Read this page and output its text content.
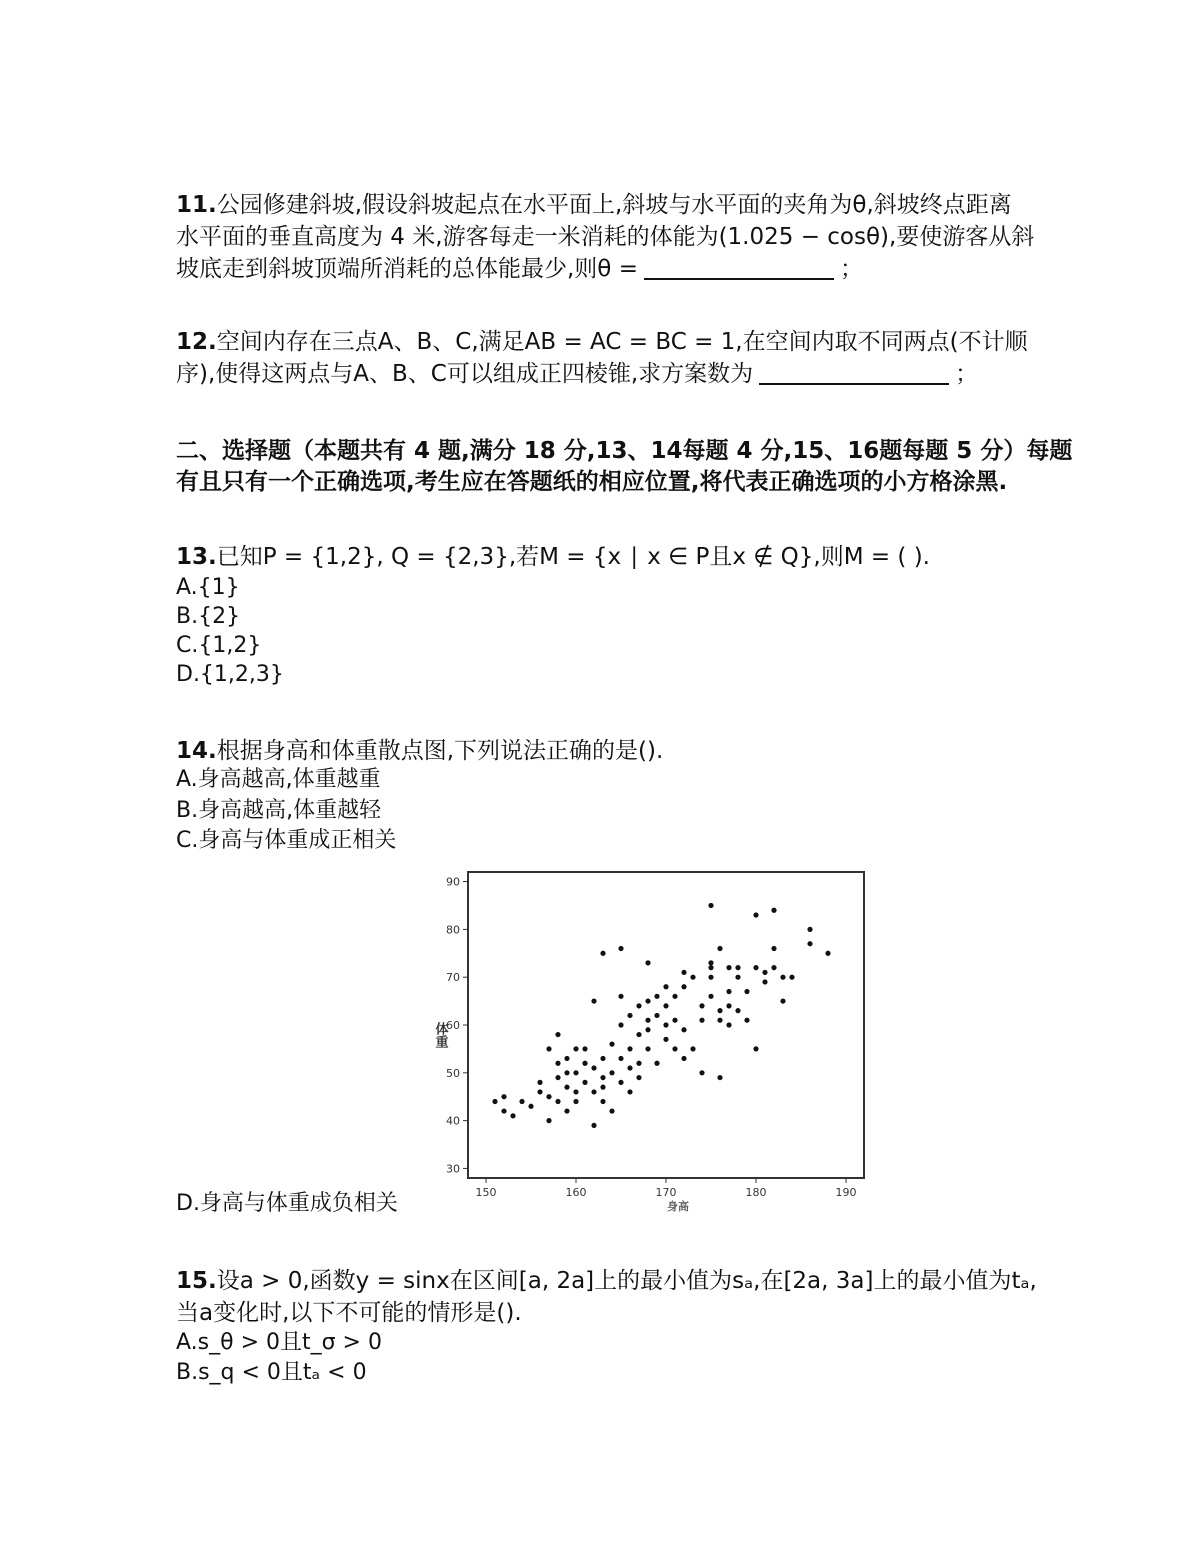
11.公园修建斜坡,假设斜坡起点在水平面上,斜坡与水平面的夹角为θ,斜坡终点距离
水平面的垂直高度为 4 米,游客每走一米消耗的体能为(1.025 − cosθ),要使游客从斜
坡底走到斜坡顶端所消耗的总体能最少,则θ =	；
12.空间内存在三点A、B、C,满足AB = AC = BC = 1,在空间内取不同两点(不计顺
序),使得这两点与A、B、C可以组成正四棱锥,求方案数为	；
二、选择题（本题共有 4 题,满分 18 分,13、14每题 4 分,15、16题每题 5 分）每题
有且只有一个正确选项,考生应在答题纸的相应位置,将代表正确选项的小方格涂黑.
13.已知P = {1,2}, Q = {2,3},若M = {x ∣ x ∈ P且x ∉ Q},则M = ( ).
A.{1}
B.{2}
C.{1,2}
D.{1,2,3}
14.根据身高和体重散点图,下列说法正确的是().
A.身高越高,体重越重
B.身高越高,体重越轻
C.身高与体重成正相关
D.身高与体重成负相关	150	160	170	180	190
30
40
50
60
70
80
90
体重
身高
15.设a > 0,函数y = sinx在区间[a, 2a]上的最小值为sₐ,在[2a, 3a]上的最小值为tₐ,
当a变化时,以下不可能的情形是().
A.s_θ > 0且t_σ > 0
B.s_q < 0且tₐ < 0
